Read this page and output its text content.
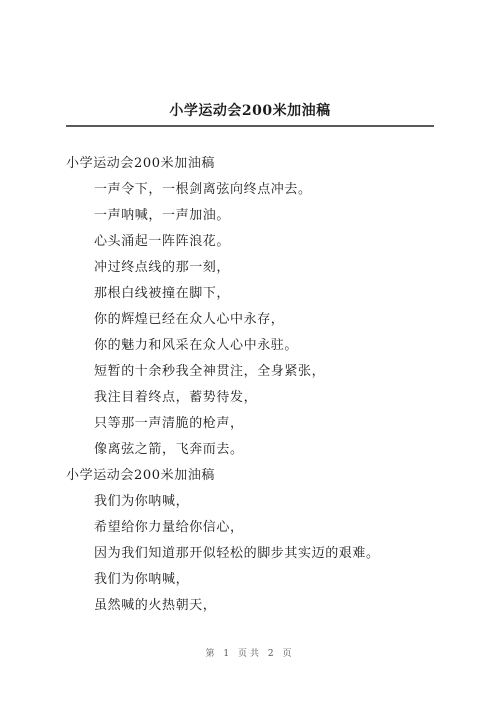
小学运动会200米加油稿
小学运动会200米加油稿
一声令下，一根剑离弦向终点冲去。
一声呐喊，一声加油。
心头涌起一阵阵浪花。
冲过终点线的那一刻，
那根白线被撞在脚下，
你的辉煌已经在众人心中永存，
你的魅力和风采在众人心中永驻。
短暂的十余秒我全神贯注，全身紧张，
我注目着终点，蓄势待发，
只等那一声清脆的枪声，
像离弦之箭，飞奔而去。
小学运动会200米加油稿
我们为你呐喊，
希望给你力量给你信心，
因为我们知道那开似轻松的脚步其实迈的艰难。
我们为你呐喊，
虽然喊的火热朝天，
第 1 页共 2 页
